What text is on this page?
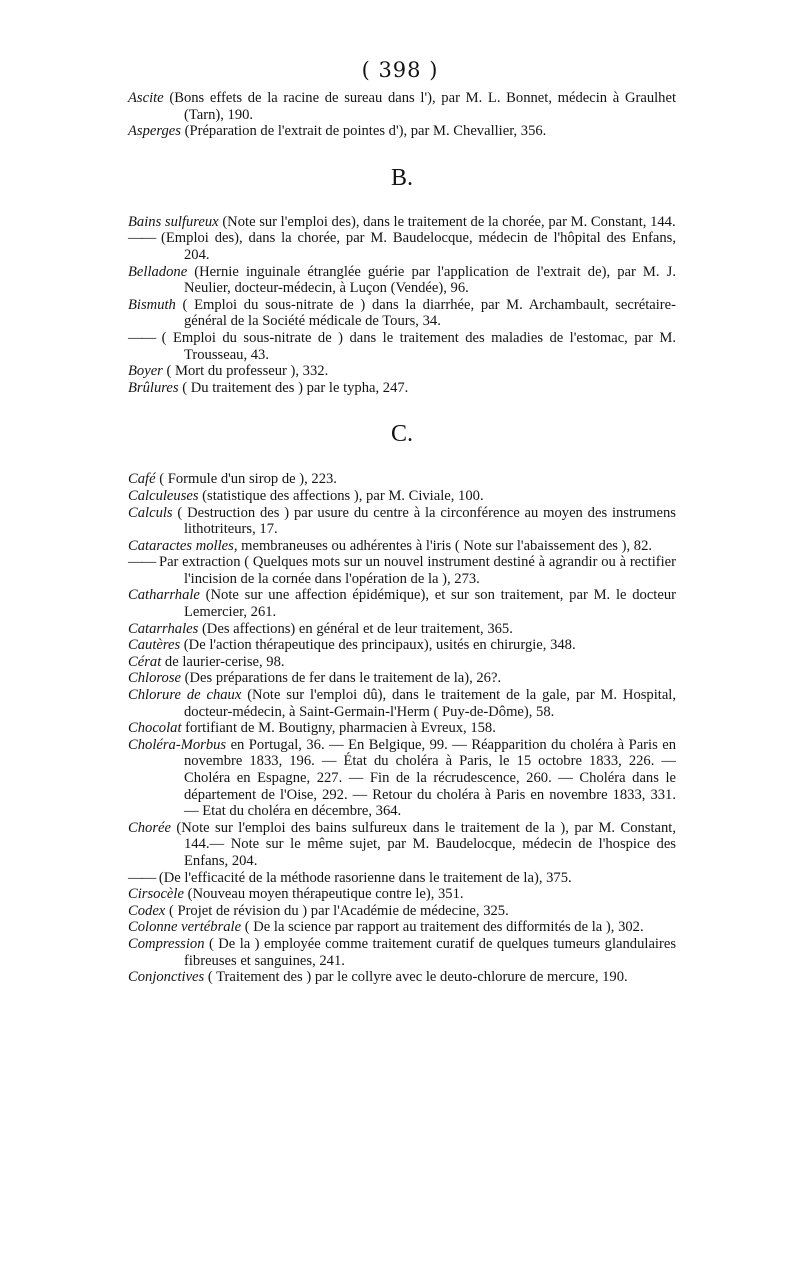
( 398 )

Ascite (Bons effets de la racine de sureau dans l'), par M. L. Bonnet, médecin à Graulhet (Tarn), 190.

Asperges (Préparation de l'extrait de pointes d'), par M. Chevallier, 356.

B.

Bains sulfureux (Note sur l'emploi des), dans le traitement de la chorée, par M. Constant, 144.

—— (Emploi des), dans la chorée, par M. Baudelocque, médecin de l'hôpital des Enfans, 204.

Belladone (Hernie inguinale étranglée guérie par l'application de l'extrait de), par M. J. Neulier, docteur-médecin, à Luçon (Vendée), 96.

Bismuth ( Emploi du sous-nitrate de ) dans la diarrhée, par M. Archambault, secrétaire-général de la Société médicale de Tours, 34.

—— ( Emploi du sous-nitrate de ) dans le traitement des maladies de l'estomac, par M. Trousseau, 43.

Boyer ( Mort du professeur ), 332.

Brûlures ( Du traitement des ) par le typha, 247.

C.

Café ( Formule d'un sirop de ), 223.

Calculeuses (statistique des affections ), par M. Civiale, 100.

Calculs ( Destruction des ) par usure du centre à la circonférence au moyen des instrumens lithotriteurs, 17.

Cataractes molles, membraneuses ou adhérentes à l'iris ( Note sur l'abaissement des ), 82.

—— Par extraction ( Quelques mots sur un nouvel instrument destiné à agrandir ou à rectifier l'incision de la cornée dans l'opération de la ), 273.

Catharrhale (Note sur une affection épidémique), et sur son traitement, par M. le docteur Lemercier, 261.

Catarrhales (Des affections) en général et de leur traitement, 365.

Cautères (De l'action thérapeutique des principaux), usités en chirurgie, 348.

Cérat de laurier-cerise, 98.

Chlorose (Des préparations de fer dans le traitement de la), 26?.

Chlorure de chaux (Note sur l'emploi dû), dans le traitement de la gale, par M. Hospital, docteur-médecin, à Saint-Germain-l'Herm ( Puy-de-Dôme), 58.

Chocolat fortifiant de M. Boutigny, pharmacien à Evreux, 158.

Choléra-Morbus en Portugal, 36. — En Belgique, 99. — Réapparition du choléra à Paris en novembre 1833, 196. — État du choléra à Paris, le 15 octobre 1833, 226. — Choléra en Espagne, 227. — Fin de la récrudescence, 260. — Choléra dans le département de l'Oise, 292. — Retour du choléra à Paris en novembre 1833, 331. — Etat du choléra en décembre, 364.

Chorée (Note sur l'emploi des bains sulfureux dans le traitement de la ), par M. Constant, 144.— Note sur le même sujet, par M. Baudelocque, médecin de l'hospice des Enfans, 204.

—— (De l'efficacité de la méthode rasorienne dans le traitement de la), 375.

Cirsocèle (Nouveau moyen thérapeutique contre le), 351.

Codex ( Projet de révision du ) par l'Académie de médecine, 325.

Colonne vertébrale ( De la science par rapport au traitement des difformités de la ), 302.

Compression ( De la ) employée comme traitement curatif de quelques tumeurs glandulaires fibreuses et sanguines, 241.

Conjonctives ( Traitement des ) par le collyre avec le deuto-chlorure de mercure, 190.
